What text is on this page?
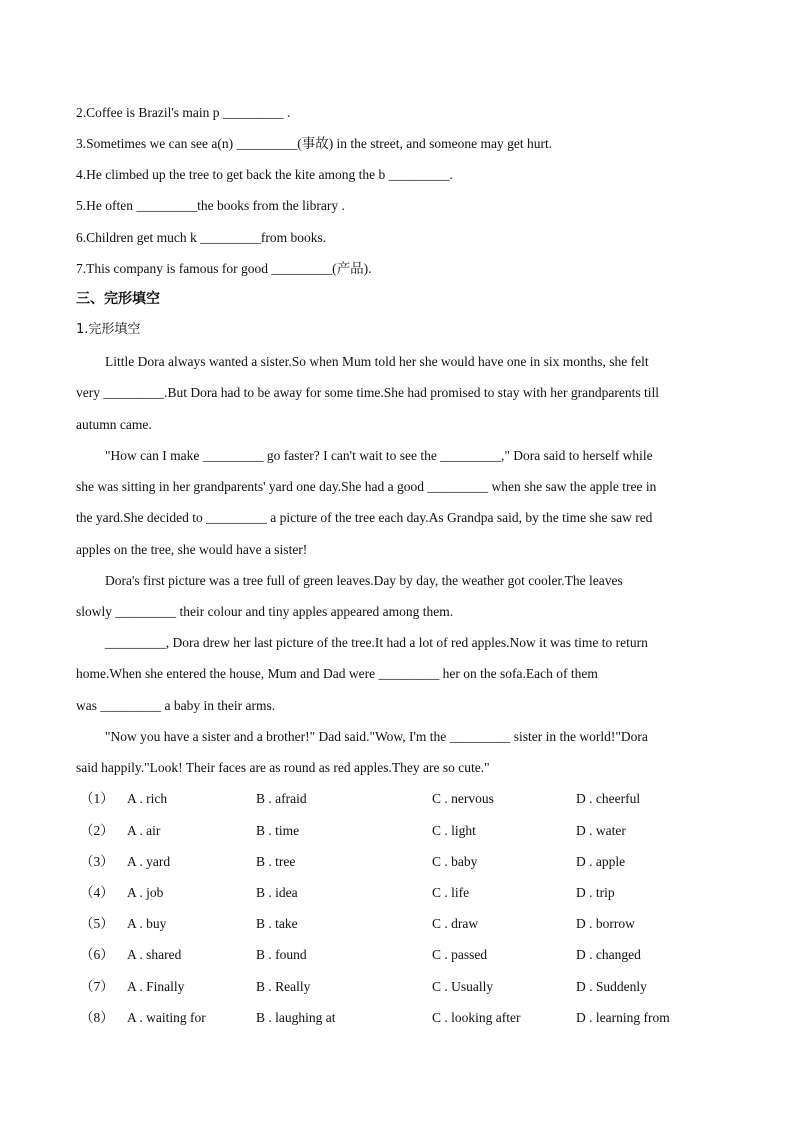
2.Coffee is Brazil's main p _________ .
3.Sometimes we can see a(n) _________(事故) in the street, and someone may get hurt.
4.He climbed up the tree to get back the kite among the b _________.
5.He often _________the books from the library .
6.Children get much k _________from books.
7.This company is famous for good _________(产品).
三、完形填空
1.完形填空
Little Dora always wanted a sister.So when Mum told her she would have one in six months, she felt
very _________.But Dora had to be away for some time.She had promised to stay with her grandparents till
autumn came.
"How can I make _________ go faster? I can't wait to see the _________," Dora said to herself while
she was sitting in her grandparents' yard one day.She had a good _________ when she saw the apple tree in
the yard.She decided to _________ a picture of the tree each day.As Grandpa said, by the time she saw red
apples on the tree, she would have a sister!
Dora's first picture was a tree full of green leaves.Day by day, the weather got cooler.The leaves
slowly _________ their colour and tiny apples appeared among them.
_________, Dora drew her last picture of the tree.It had a lot of red apples.Now it was time to return
home.When she entered the house, Mum and Dad were _________ her on the sofa.Each of them
was _________ a baby in their arms.
"Now you have a sister and a brother!" Dad said."Wow, I'm the _________ sister in the world!"Dora
said happily."Look! Their faces are as round as red apples.They are so cute."
（1） A . rich	B . afraid	C . nervous	D . cheerful
（2） A . air	B . time	C . light	D . water
（3） A . yard	B . tree	C . baby	D . apple
（4） A . job	B . idea	C . life	D . trip
（5） A . buy	B . take	C . draw	D . borrow
（6） A . shared	B . found	C . passed	D . changed
（7） A . Finally	B . Really	C . Usually	D . Suddenly
（8） A . waiting for	B . laughing at	C . looking after	D . learning from
